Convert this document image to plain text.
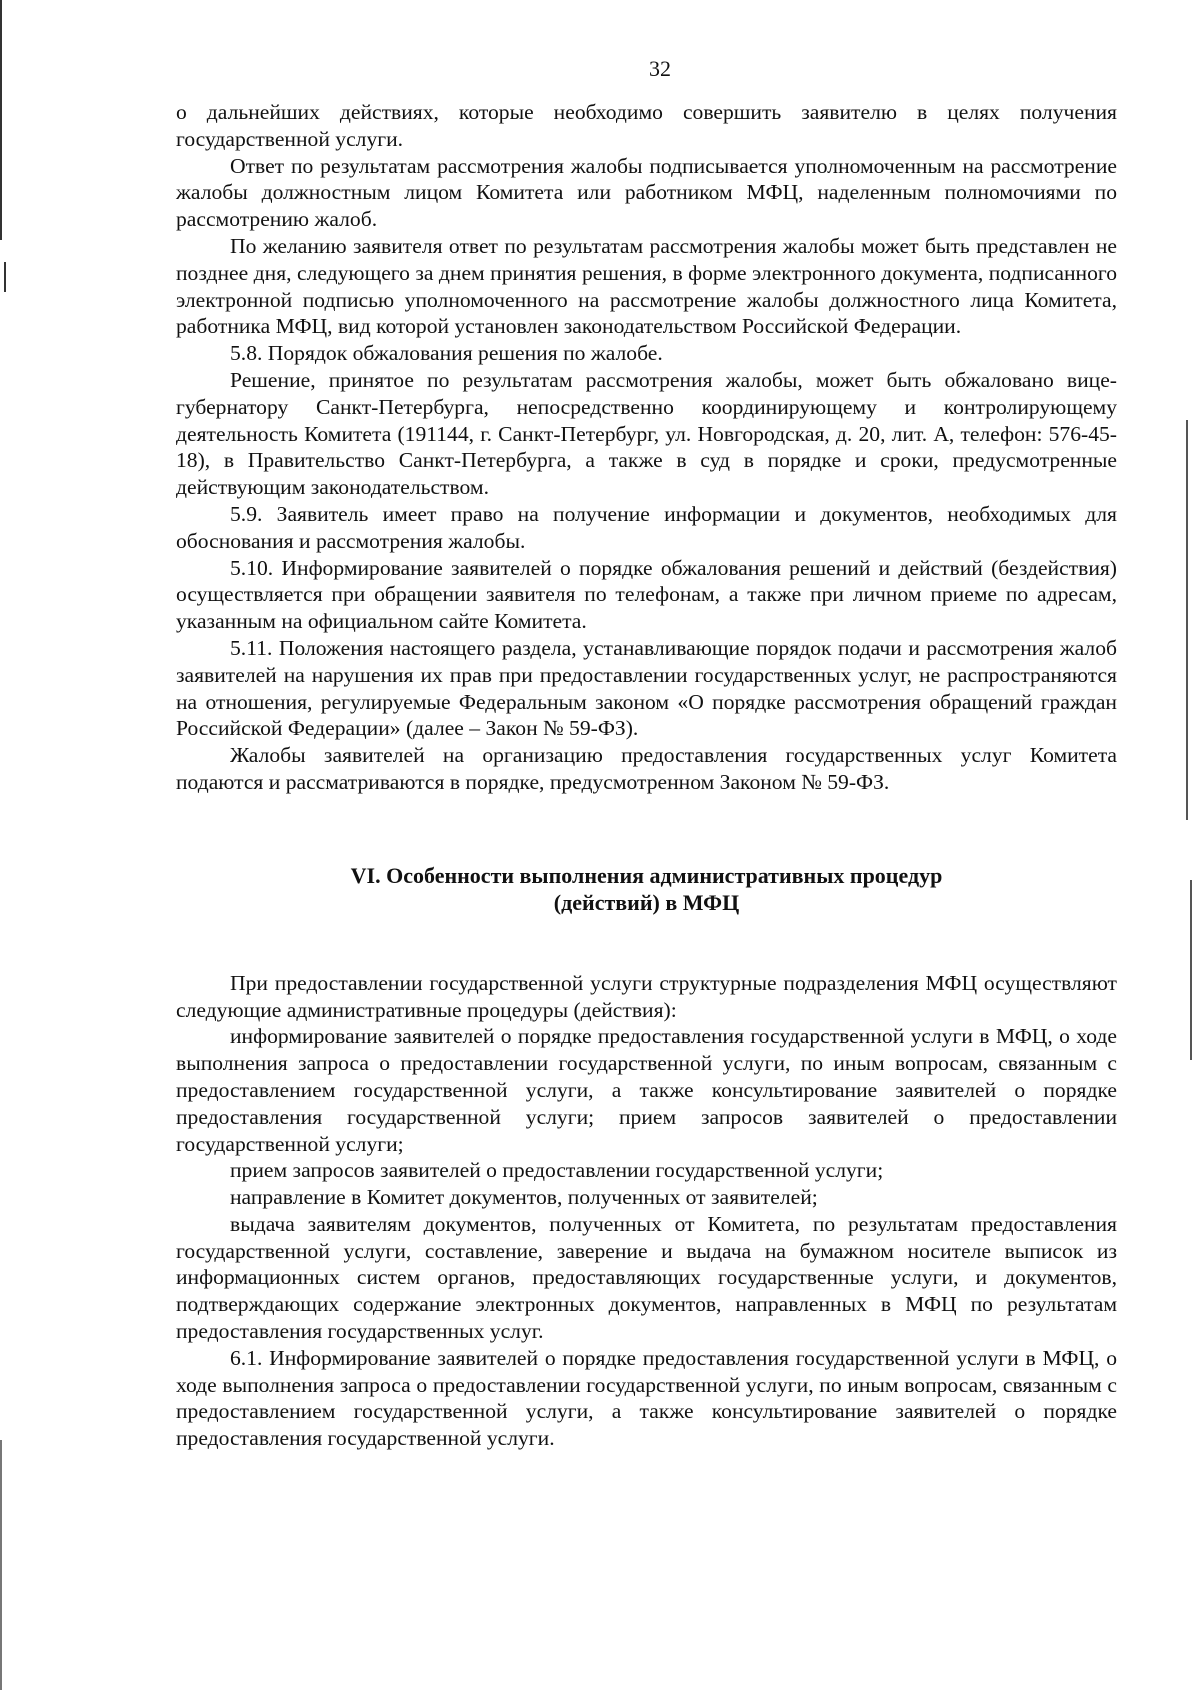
32

о дальнейших действиях, которые необходимо совершить заявителю в целях получения государственной услуги.

Ответ по результатам рассмотрения жалобы подписывается уполномоченным на рассмотрение жалобы должностным лицом Комитета или работником МФЦ, наделенным полномочиями по рассмотрению жалоб.

По желанию заявителя ответ по результатам рассмотрения жалобы может быть представлен не позднее дня, следующего за днем принятия решения, в форме электронного документа, подписанного электронной подписью уполномоченного на рассмотрение жалобы должностного лица Комитета, работника МФЦ, вид которой установлен законодательством Российской Федерации.

5.8. Порядок обжалования решения по жалобе.

Решение, принятое по результатам рассмотрения жалобы, может быть обжаловано вице-губернатору Санкт-Петербурга, непосредственно координирующему и контролирующему деятельность Комитета (191144, г. Санкт-Петербург, ул. Новгородская, д. 20, лит. А, телефон: 576-45-18), в Правительство Санкт-Петербурга, а также в суд в порядке и сроки, предусмотренные действующим законодательством.

5.9. Заявитель имеет право на получение информации и документов, необходимых для обоснования и рассмотрения жалобы.

5.10. Информирование заявителей о порядке обжалования решений и действий (бездействия) осуществляется при обращении заявителя по телефонам, а также при личном приеме по адресам, указанным на официальном сайте Комитета.

5.11. Положения настоящего раздела, устанавливающие порядок подачи и рассмотрения жалоб заявителей на нарушения их прав при предоставлении государственных услуг, не распространяются на отношения, регулируемые Федеральным законом «О порядке рассмотрения обращений граждан Российской Федерации» (далее – Закон № 59-ФЗ).

Жалобы заявителей на организацию предоставления государственных услуг Комитета подаются и рассматриваются в порядке, предусмотренном Законом № 59-ФЗ.

VI. Особенности выполнения административных процедур
(действий) в МФЦ

При предоставлении государственной услуги структурные подразделения МФЦ осуществляют следующие административные процедуры (действия):

информирование заявителей о порядке предоставления государственной услуги в МФЦ, о ходе выполнения запроса о предоставлении государственной услуги, по иным вопросам, связанным с предоставлением государственной услуги, а также консультирование заявителей о порядке предоставления государственной услуги; прием запросов заявителей о предоставлении государственной услуги;

прием запросов заявителей о предоставлении государственной услуги;

направление в Комитет документов, полученных от заявителей;

выдача заявителям документов, полученных от Комитета, по результатам предоставления государственной услуги, составление, заверение и выдача на бумажном носителе выписок из информационных систем органов, предоставляющих государственные услуги, и документов, подтверждающих содержание электронных документов, направленных в МФЦ по результатам предоставления государственных услуг.

6.1. Информирование заявителей о порядке предоставления государственной услуги в МФЦ, о ходе выполнения запроса о предоставлении государственной услуги, по иным вопросам, связанным с предоставлением государственной услуги, а также консультирование заявителей о порядке предоставления государственной услуги.
